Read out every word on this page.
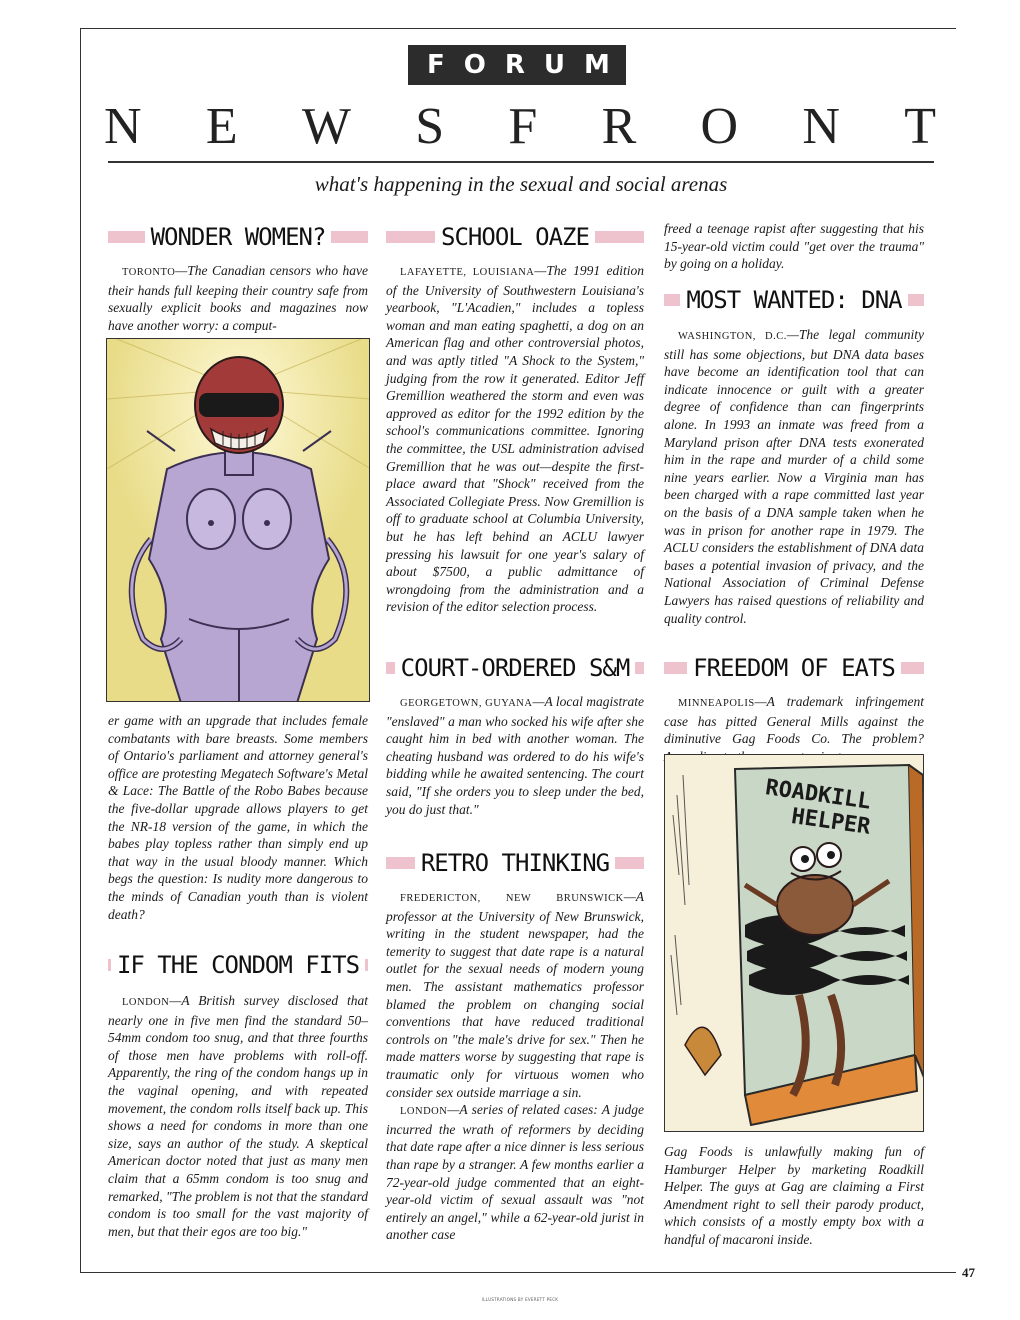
FORUM
N E W S F R O N T
what's happening in the sexual and social arenas
WONDER WOMEN?
TORONTO—The Canadian censors who have their hands full keeping their country safe from sexually explicit books and magazines now have another worry: a comput-
er game with an upgrade that includes female combatants with bare breasts. Some members of Ontario's parliament and attorney general's office are protesting Megatech Software's Metal & Lace: The Battle of the Robo Babes because the five-dollar upgrade allows players to get the NR-18 version of the game, in which the babes play topless rather than simply end up that way in the usual bloody manner. Which begs the question: Is nudity more dangerous to the minds of Canadian youth than is violent death?
IF THE CONDOM FITS
LONDON—A British survey disclosed that nearly one in five men find the standard 50–54mm condom too snug, and that three fourths of those men have problems with roll-off. Apparently, the ring of the condom hangs up in the vaginal opening, and with repeated movement, the condom rolls itself back up. This shows a need for condoms in more than one size, says an author of the study. A skeptical American doctor noted that just as many men claim that a 65mm condom is too snug and remarked, "The problem is not that the standard condom is too small for the vast majority of men, but that their egos are too big."
SCHOOL OAZE
LAFAYETTE, LOUISIANA—The 1991 edition of the University of Southwestern Louisiana's yearbook, "L'Acadien," includes a topless woman and man eating spaghetti, a dog on an American flag and other controversial photos, and was aptly titled "A Shock to the System," judging from the row it generated. Editor Jeff Gremillion weathered the storm and even was approved as editor for the 1992 edition by the school's communications committee. Ignoring the committee, the USL administration advised Gremillion that he was out—despite the first-place award that "Shock" received from the Associated Collegiate Press. Now Gremillion is off to graduate school at Columbia University, but he has left behind an ACLU lawyer pressing his lawsuit for one year's salary of about $7500, a public admittance of wrongdoing from the administration and a revision of the editor selection process.
COURT-ORDERED S&M
GEORGETOWN, GUYANA—A local magistrate "enslaved" a man who socked his wife after she caught him in bed with another woman. The cheating husband was ordered to do his wife's bidding while he awaited sentencing. The court said, "If she orders you to sleep under the bed, you do just that."
RETRO THINKING
FREDERICTON, NEW BRUNSWICK—A professor at the University of New Brunswick, writing in the student newspaper, had the temerity to suggest that date rape is a natural outlet for the sexual needs of modern young men. The assistant mathematics professor blamed the problem on changing social conventions that have reduced traditional controls on "the male's drive for sex." Then he made matters worse by suggesting that rape is traumatic only for virtuous women who consider sex outside marriage a sin.
LONDON—A series of related cases: A judge incurred the wrath of reformers by deciding that date rape after a nice dinner is less serious than rape by a stranger. A few months earlier a 72-year-old judge commented that an eight-year-old victim of sexual assault was "not entirely an angel," while a 62-year-old jurist in another case
freed a teenage rapist after suggesting that his 15-year-old victim could "get over the trauma" by going on a holiday.
MOST WANTED: DNA
WASHINGTON, D.C.—The legal community still has some objections, but DNA data bases have become an identification tool that can indicate innocence or guilt with a greater degree of confidence than can fingerprints alone. In 1993 an inmate was freed from a Maryland prison after DNA tests exonerated him in the rape and murder of a child some nine years earlier. Now a Virginia man has been charged with a rape committed last year on the basis of a DNA sample taken when he was in prison for another rape in 1979. The ACLU considers the establishment of DNA data bases a potential invasion of privacy, and the National Association of Criminal Defense Lawyers has raised questions of reliability and quality control.
FREEDOM OF EATS
MINNEAPOLIS—A trademark infringement case has pitted General Mills against the diminutive Gag Foods Co. The problem?
ROADKILL
HELPER
Gag Foods is unlawfully making fun of Hamburger Helper by marketing Roadkill Helper. The guys at Gag are claiming a First Amendment right to sell their parody product, which consists of a mostly empty box with a handful of macaroni inside.
47
ILLUSTRATIONS BY EVERETT PECK
